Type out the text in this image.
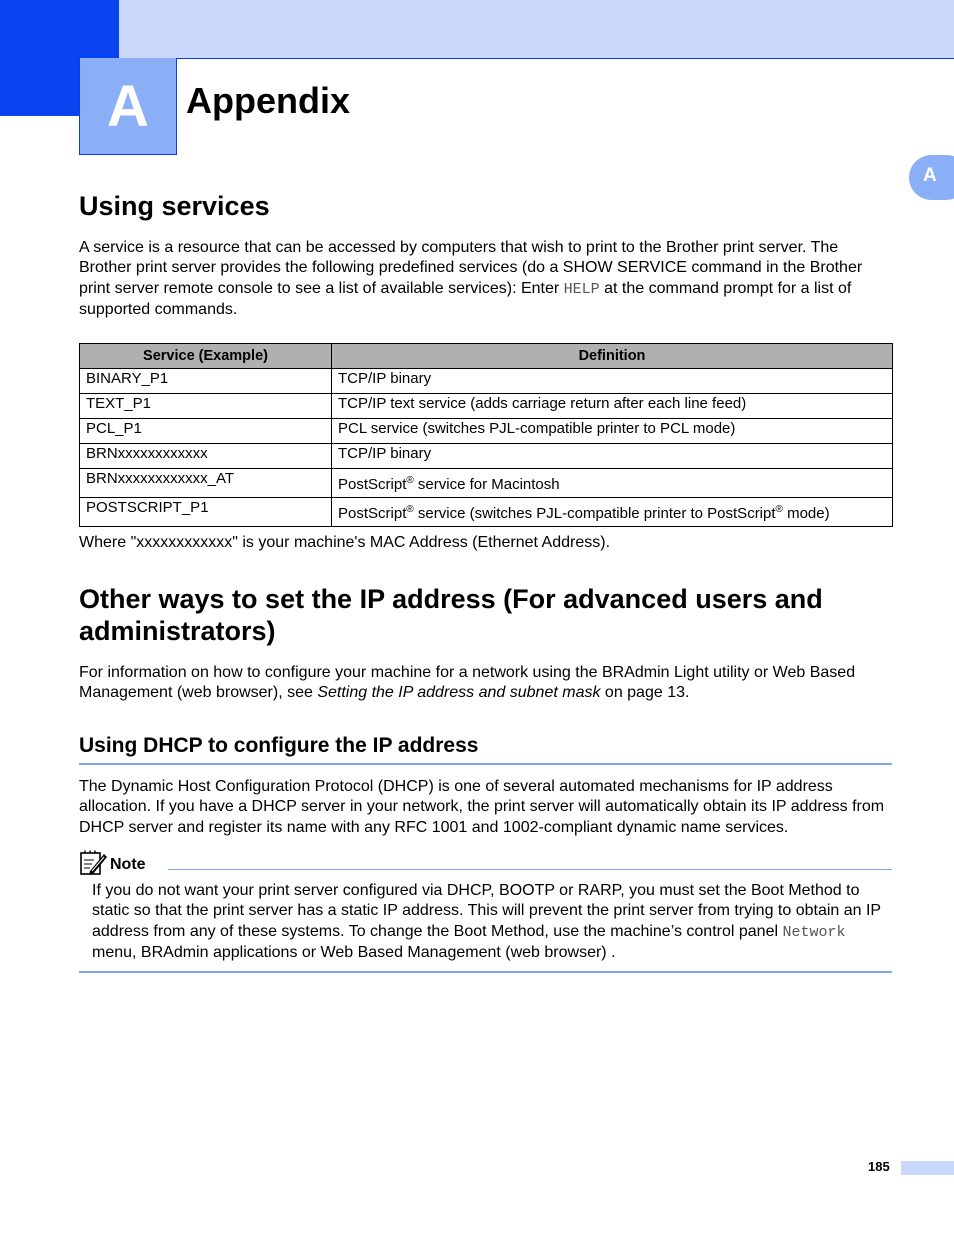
A Appendix
A
Using services

A service is a resource that can be accessed by computers that wish to print to the Brother print server. The Brother print server provides the following predefined services (do a SHOW SERVICE command in the Brother print server remote console to see a list of available services): Enter HELP at the command prompt for a list of supported commands.

Service (Example)	Definition
BINARY_P1	TCP/IP binary
TEXT_P1	TCP/IP text service (adds carriage return after each line feed)
PCL_P1	PCL service (switches PJL-compatible printer to PCL mode)
BRNxxxxxxxxxxxx	TCP/IP binary
BRNxxxxxxxxxxxx_AT	PostScript® service for Macintosh
POSTSCRIPT_P1	PostScript® service (switches PJL-compatible printer to PostScript® mode)

Where "xxxxxxxxxxxx" is your machine's MAC Address (Ethernet Address).

Other ways to set the IP address (For advanced users and administrators)

For information on how to configure your machine for a network using the BRAdmin Light utility or Web Based Management (web browser), see Setting the IP address and subnet mask on page 13.

Using DHCP to configure the IP address

The Dynamic Host Configuration Protocol (DHCP) is one of several automated mechanisms for IP address allocation. If you have a DHCP server in your network, the print server will automatically obtain its IP address from DHCP server and register its name with any RFC 1001 and 1002-compliant dynamic name services.

Note

If you do not want your print server configured via DHCP, BOOTP or RARP, you must set the Boot Method to static so that the print server has a static IP address. This will prevent the print server from trying to obtain an IP address from any of these systems. To change the Boot Method, use the machine’s control panel Network menu, BRAdmin applications or Web Based Management (web browser) .

185
